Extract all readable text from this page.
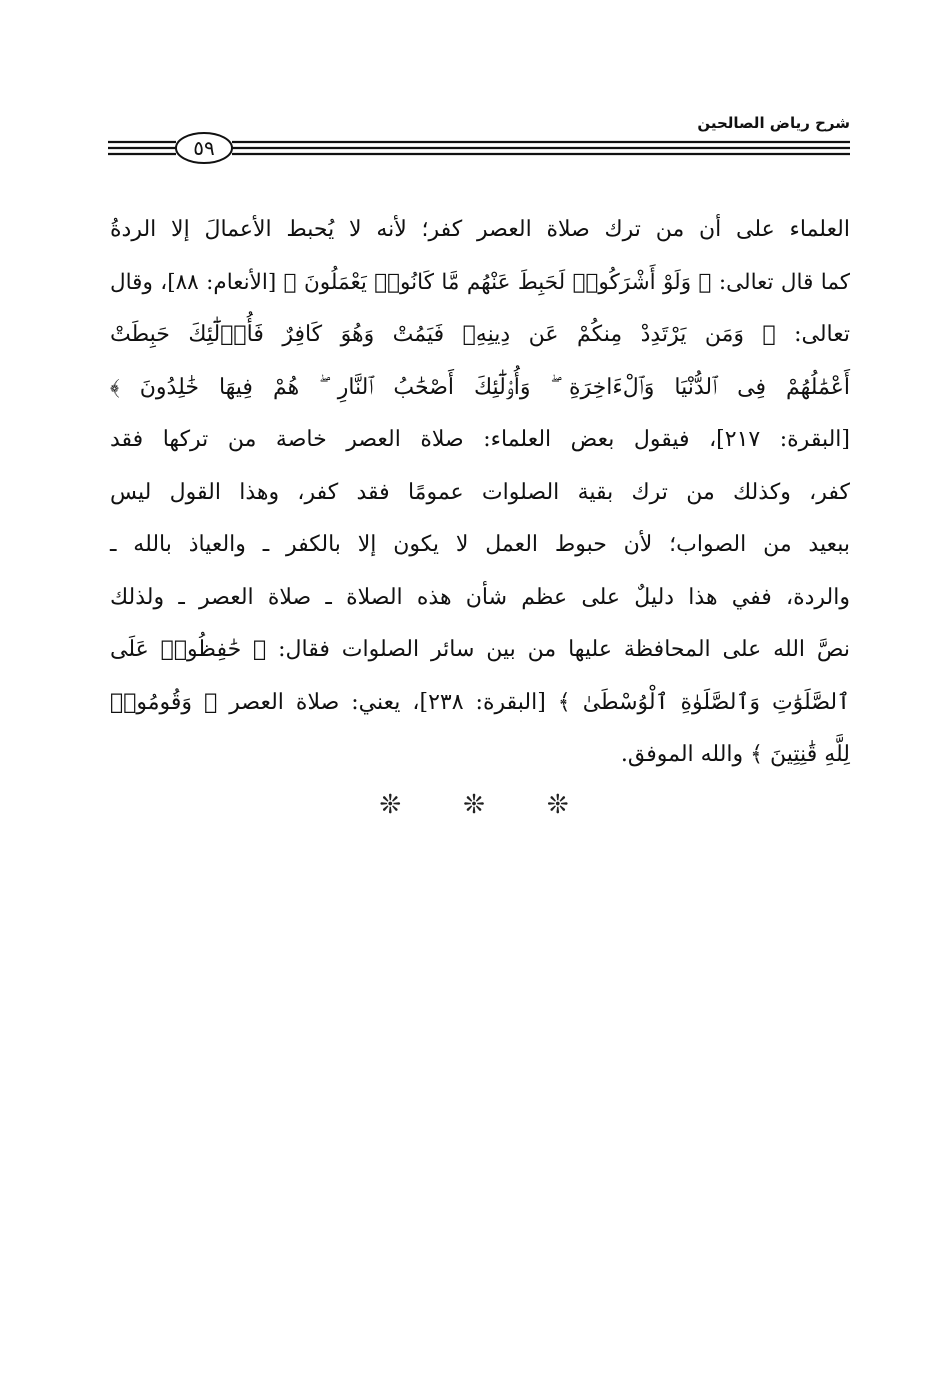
شرح رياض الصالحين
٥٩
العلماء على أن من ترك صلاة العصر كفر؛ لأنه لا يُحبط الأعمالَ إلا الردةُ
كما قال تعالى: ﴿ وَلَوْ أَشْرَكُوا۟ لَحَبِطَ عَنْهُم مَّا كَانُوا۟ يَعْمَلُونَ ﴾ [الأنعام: ٨٨]، وقال
تعالى: ﴿ وَمَن يَرْتَدِدْ مِنكُمْ عَن دِينِهِۦ فَيَمُتْ وَهُوَ كَافِرٌ فَأُو۟لَٰٓئِكَ حَبِطَتْ
أَعْمَٰلُهُمْ فِى ٱلدُّنْيَا وَٱلْءَاخِرَةِ ۖ وَأُو۟لَٰٓئِكَ أَصْحَٰبُ ٱلنَّارِ ۖ هُمْ فِيهَا خَٰلِدُونَ ﴾
[البقرة: ٢١٧]، فيقول بعض العلماء: صلاة العصر خاصة من تركها فقد
كفر، وكذلك من ترك بقية الصلوات عمومًا فقد كفر، وهذا القول ليس
ببعيد من الصواب؛ لأن حبوط العمل لا يكون إلا بالكفر ـ والعياذ بالله ـ
والردة، ففي هذا دليلٌ على عظم شأن هذه الصلاة ـ صلاة العصر ـ ولذلك
نصَّ الله على المحافظة عليها من بين سائر الصلوات فقال: ﴿ حَٰفِظُوا۟ عَلَى
ٱلصَّلَوَٰتِ وَٱلصَّلَوٰةِ ٱلْوُسْطَىٰ ﴾ [البقرة: ٢٣٨]، يعني: صلاة العصر ﴿ وَقُومُوا۟
لِلَّهِ قَٰنِتِينَ ﴾ والله الموفق.
❊❊❊
